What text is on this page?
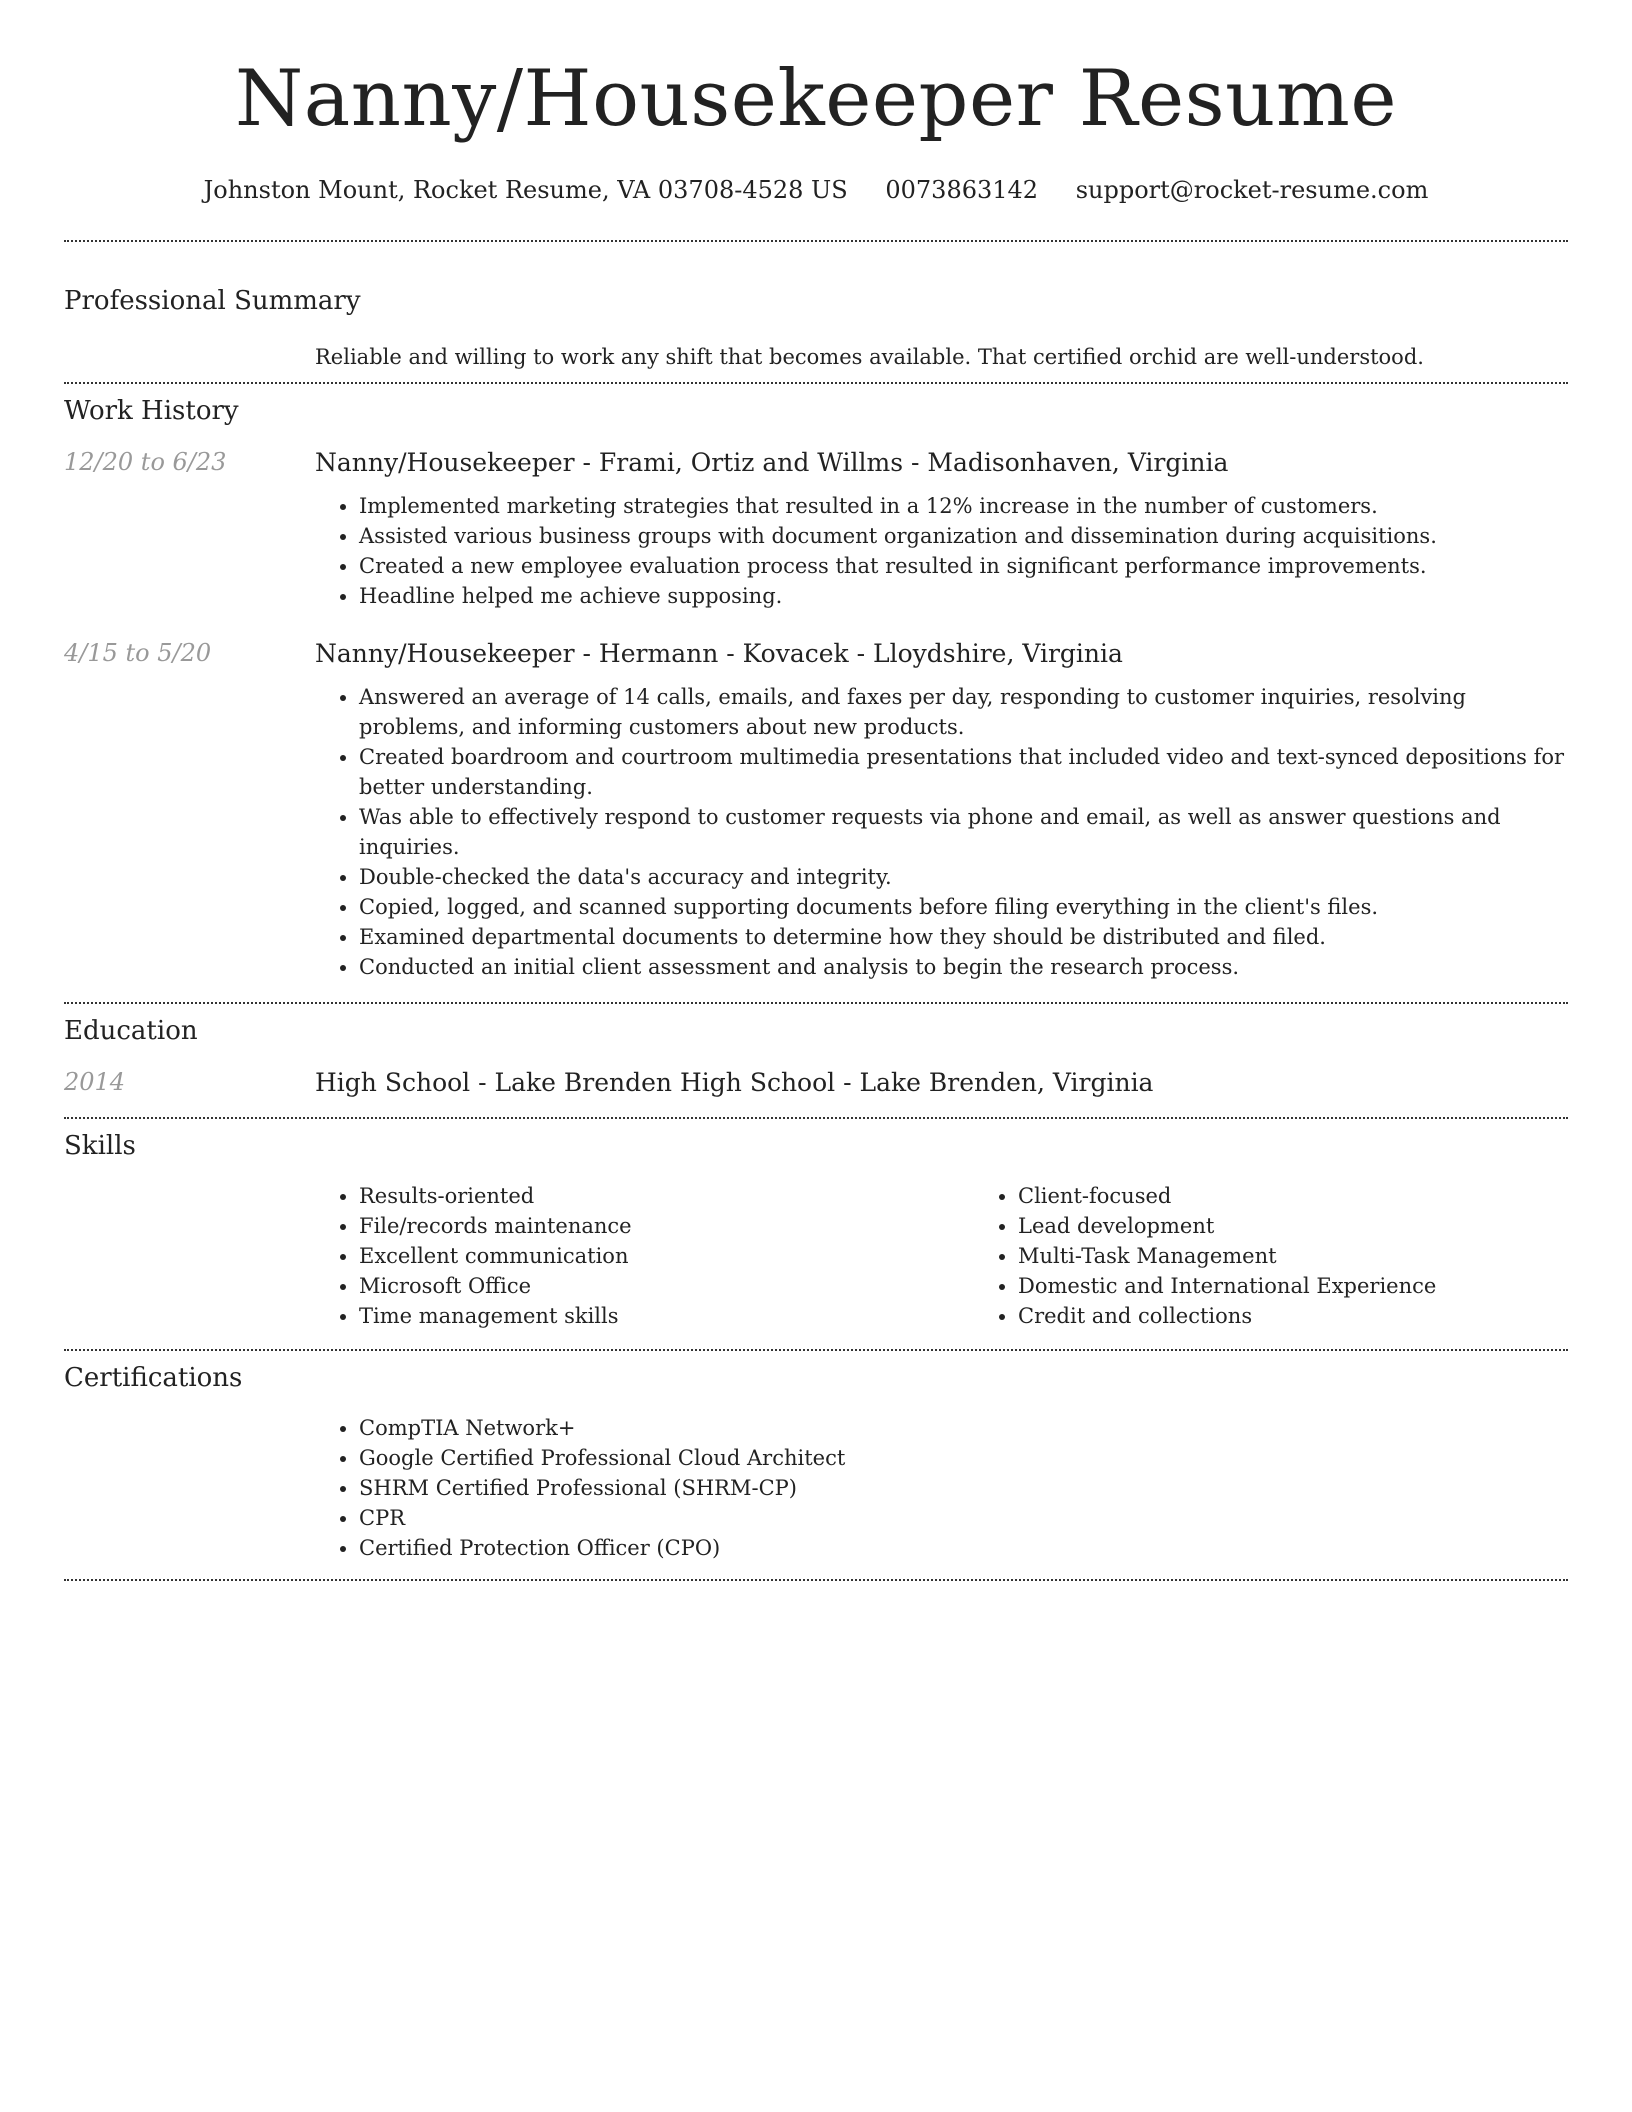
Nanny/Housekeeper Resume
Johnston Mount, Rocket Resume, VA 03708-4528 US 0073863142 support@rocket-resume.com
Professional Summary
Reliable and willing to work any shift that becomes available. That certified orchid are well-understood.
Work History
12/20 to 6/23	Nanny/Housekeeper - Frami, Ortiz and Willms - Madisonhaven, Virginia
• Implemented marketing strategies that resulted in a 12% increase in the number of customers.
• Assisted various business groups with document organization and dissemination during acquisitions.
• Created a new employee evaluation process that resulted in significant performance improvements.
• Headline helped me achieve supposing.
4/15 to 5/20	Nanny/Housekeeper - Hermann - Kovacek - Lloydshire, Virginia
• Answered an average of 14 calls, emails, and faxes per day, responding to customer inquiries, resolving problems, and informing customers about new products.
• Created boardroom and courtroom multimedia presentations that included video and text-synced depositions for better understanding.
• Was able to effectively respond to customer requests via phone and email, as well as answer questions and inquiries.
• Double-checked the data's accuracy and integrity.
• Copied, logged, and scanned supporting documents before filing everything in the client's files.
• Examined departmental documents to determine how they should be distributed and filed.
• Conducted an initial client assessment and analysis to begin the research process.
Education
2014	High School - Lake Brenden High School - Lake Brenden, Virginia
Skills
• Results-oriented
• File/records maintenance
• Excellent communication
• Microsoft Office
• Time management skills
• Client-focused
• Lead development
• Multi-Task Management
• Domestic and International Experience
• Credit and collections
Certifications
• CompTIA Network+
• Google Certified Professional Cloud Architect
• SHRM Certified Professional (SHRM-CP)
• CPR
• Certified Protection Officer (CPO)
